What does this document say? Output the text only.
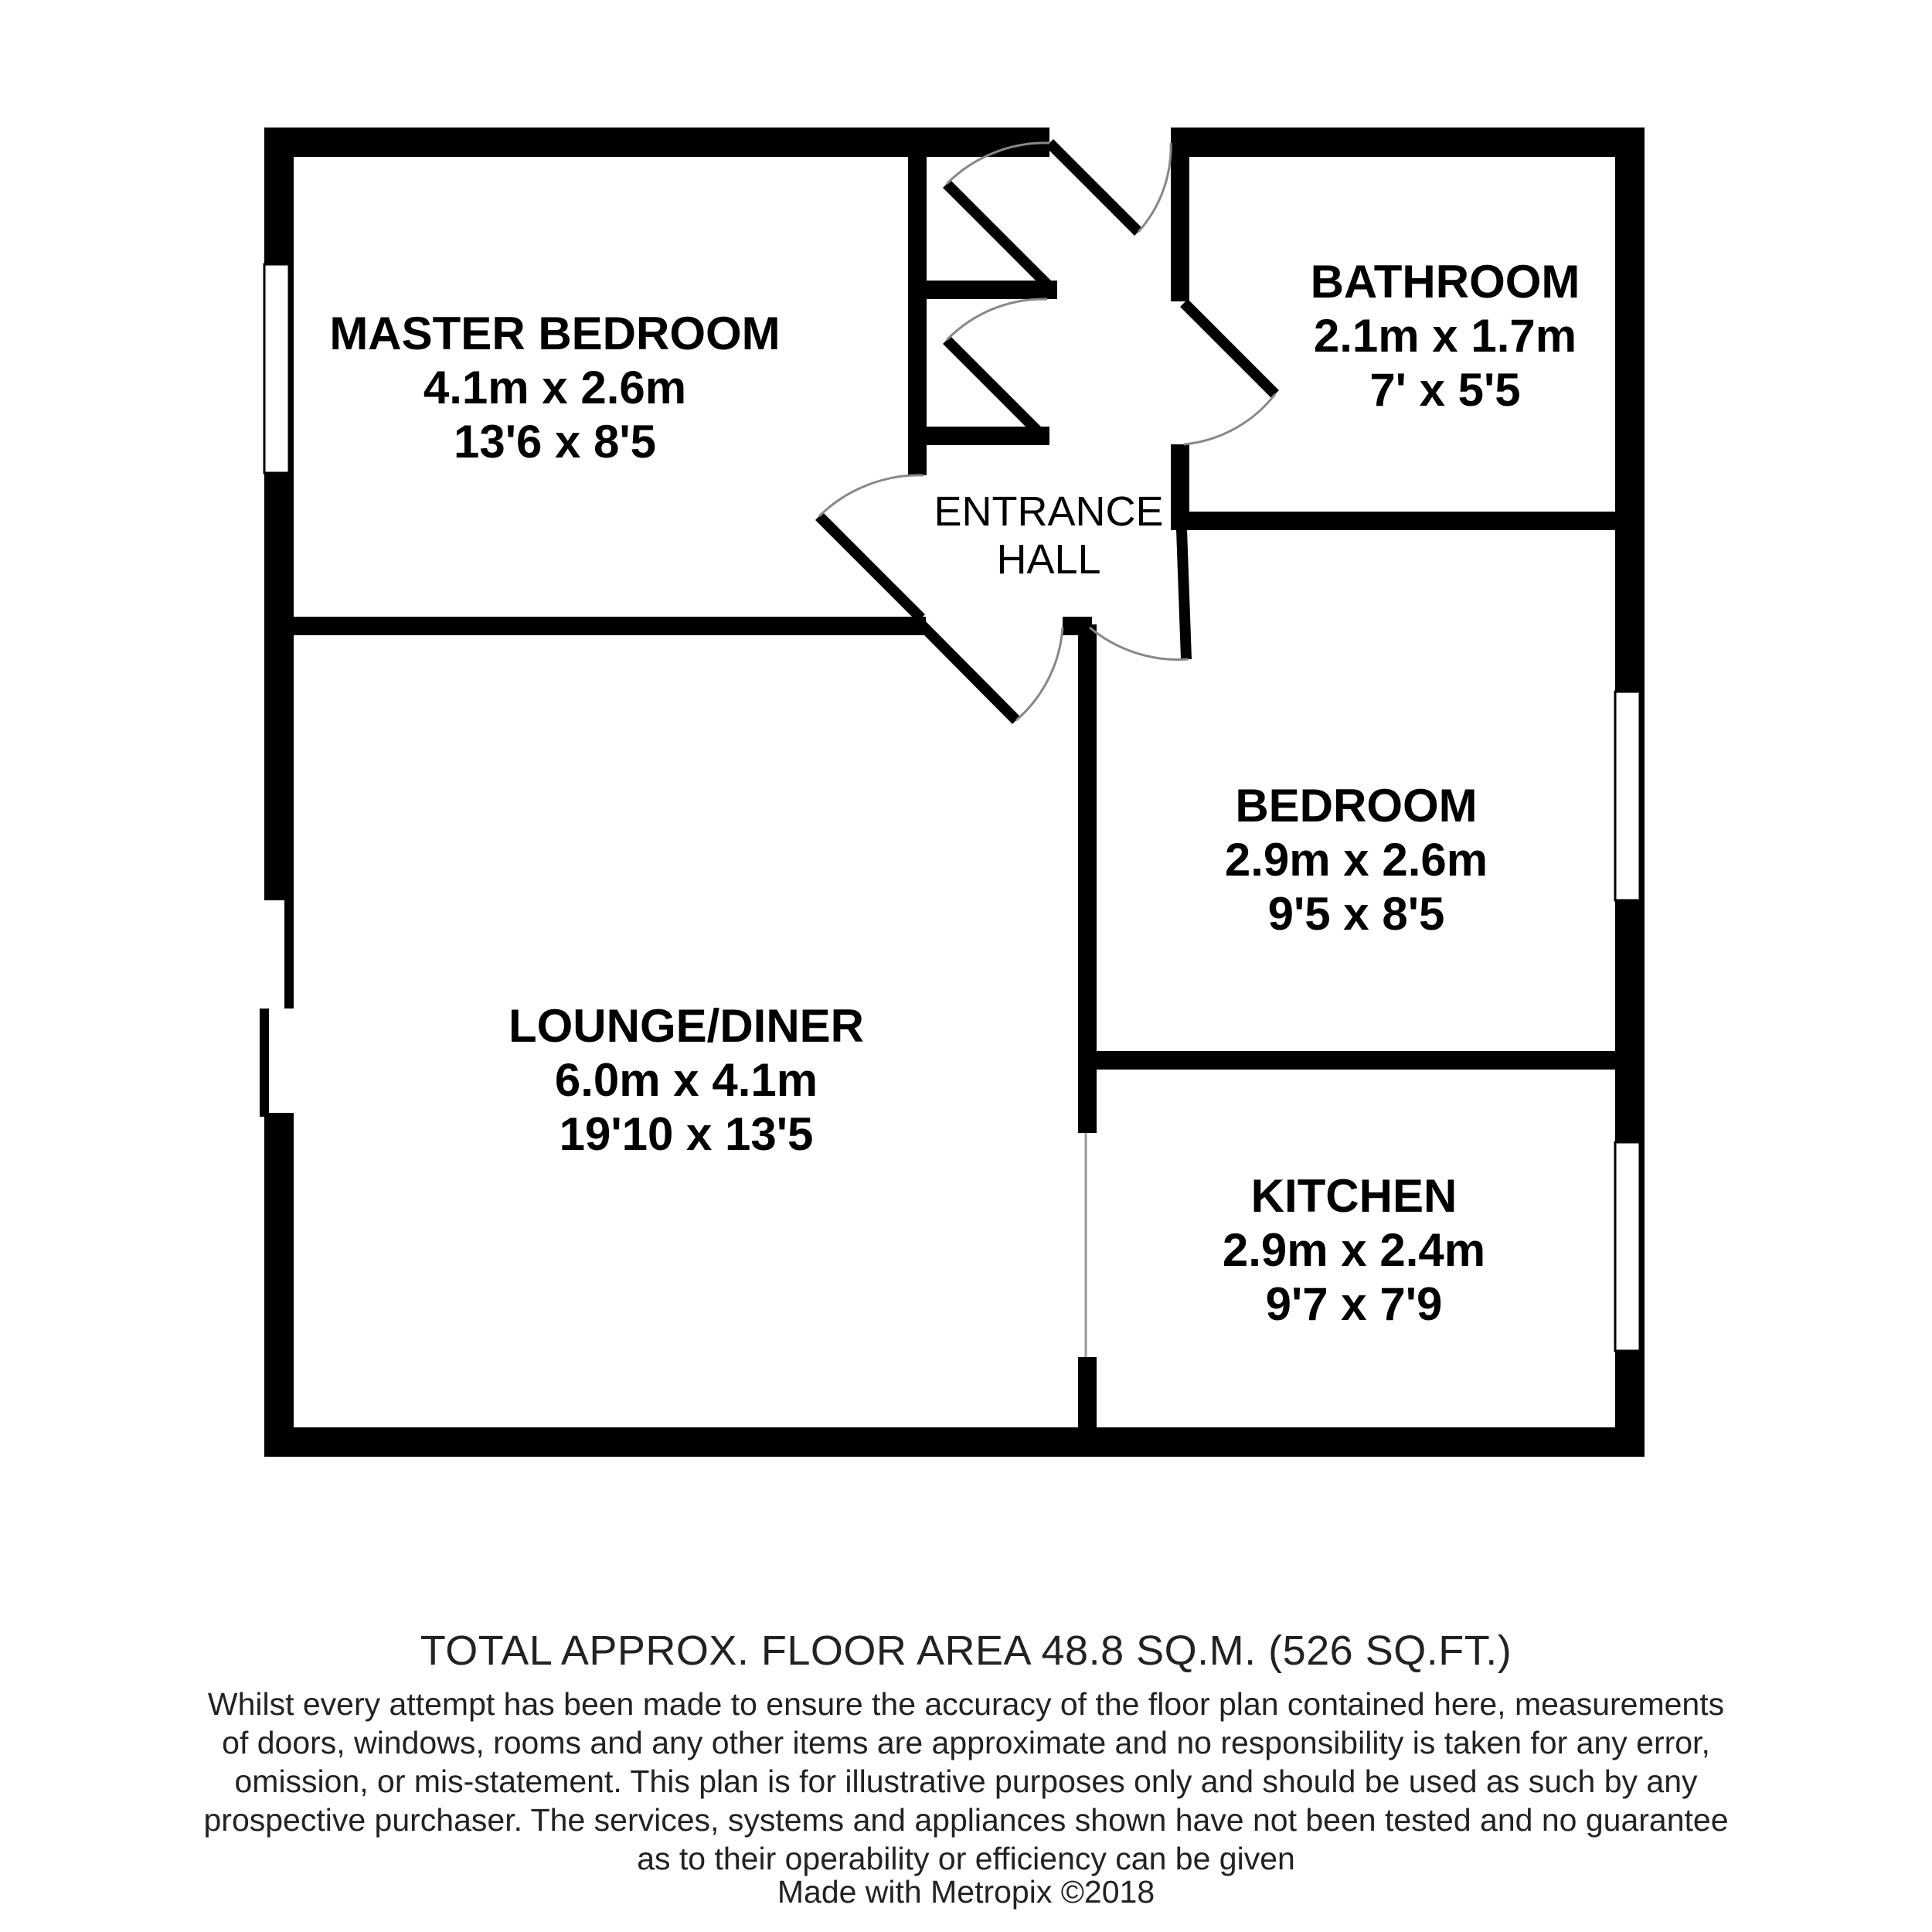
MASTER BEDROOM
4.1m x 2.6m
13'6 x 8'5
BATHROOM
2.1m x 1.7m
7' x 5'5
ENTRANCE
HALL
BEDROOM
2.9m x 2.6m
9'5 x 8'5
LOUNGE/DINER
6.0m x 4.1m
19'10 x 13'5
KITCHEN
2.9m x 2.4m
9'7 x 7'9
TOTAL APPROX. FLOOR AREA 48.8 SQ.M. (526 SQ.FT.)
Whilst every attempt has been made to ensure the accuracy of the floor plan contained here, measurements
of doors, windows, rooms and any other items are approximate and no responsibility is taken for any error,
omission, or mis-statement. This plan is for illustrative purposes only and should be used as such by any
prospective purchaser. The services, systems and appliances shown have not been tested and no guarantee
as to their operability or efficiency can be given
Made with Metropix ©2018
